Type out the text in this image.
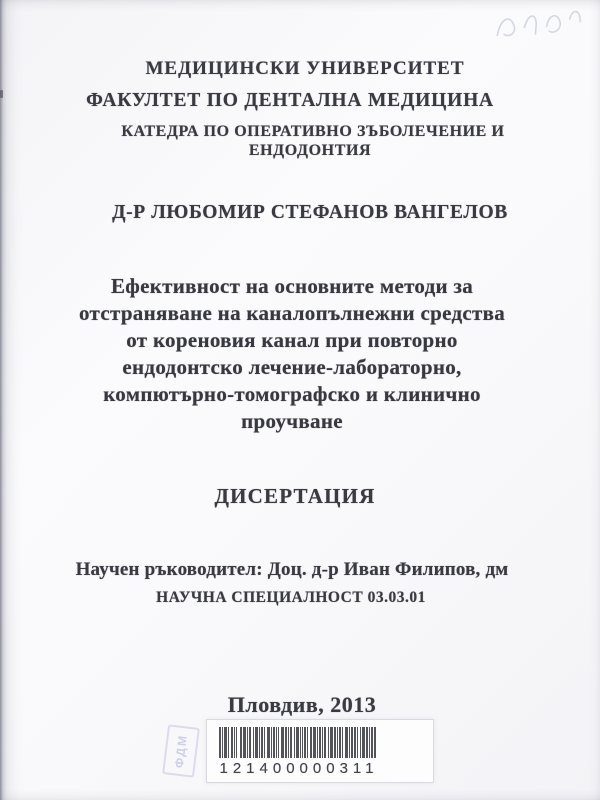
МЕДИЦИНСКИ УНИВЕРСИТЕТ
ФАКУЛТЕТ ПО ДЕНТАЛНА МЕДИЦИНА
КАТЕДРА ПО ОПЕРАТИВНО ЗЪБОЛЕЧЕНИЕ И
ЕНДОДОНТИЯ
Д-Р ЛЮБОМИР СТЕФАНОВ ВАНГЕЛОВ
Ефективност на основните методи за
отстраняване на каналопълнежни средства
от кореновия канал при повторно
ендодонтско лечение-лабораторно,
компютърно-томографско и клинично
проучване
ДИСЕРТАЦИЯ
Научен ръководител: Доц. д-р Иван Филипов, дм
НАУЧНА СПЕЦИАЛНОСТ 03.03.01
Пловдив, 2013
ФДМ	121400000311
